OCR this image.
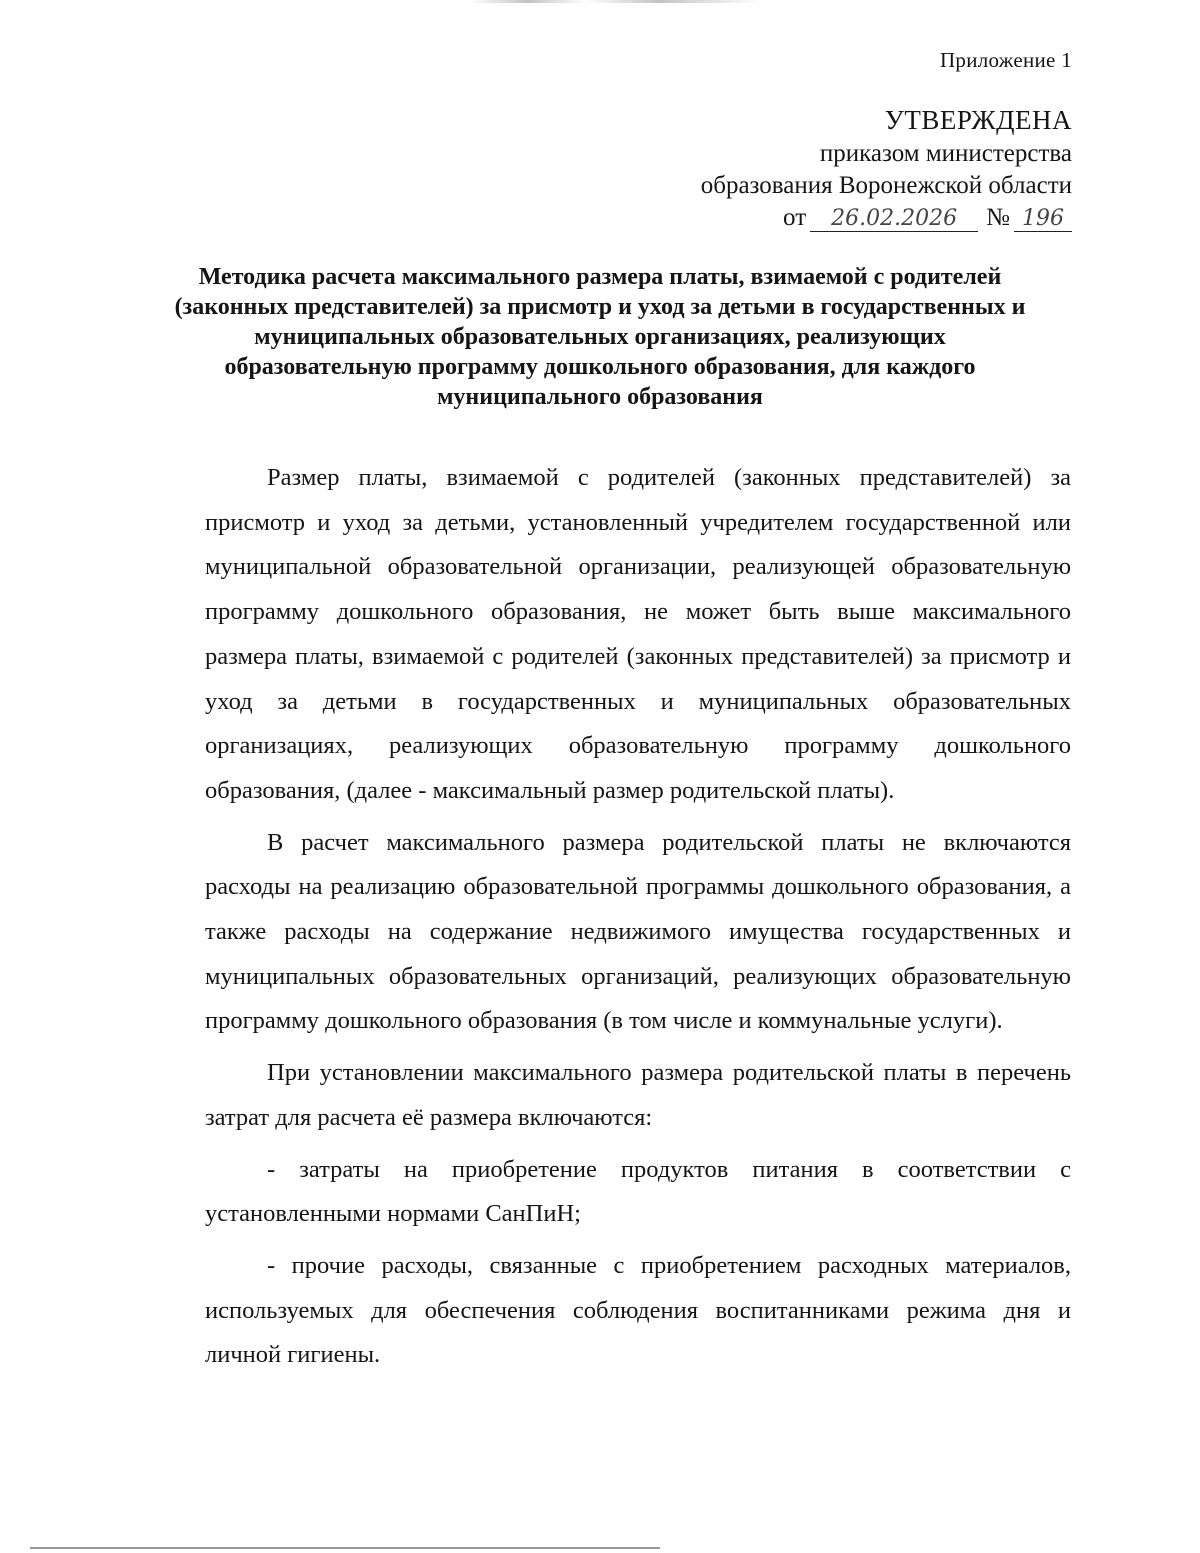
Приложение 1
УТВЕРЖДЕНА
приказом министерства
образования Воронежской области
от	26.02.2026	№ 196
Методика расчета максимального размера платы, взимаемой с родителей (законных представителей) за присмотр и уход за детьми в государственных и муниципальных образовательных организациях, реализующих образовательную программу дошкольного образования, для каждого муниципального образования

Размер платы, взимаемой с родителей (законных представителей) за присмотр и уход за детьми, установленный учредителем государственной или муниципальной образовательной организации, реализующей образовательную программу дошкольного образования, не может быть выше максимального размера платы, взимаемой с родителей (законных представителей) за присмотр и уход за детьми в государственных и муниципальных образовательных организациях, реализующих образовательную программу дошкольного образования, (далее - максимальный размер родительской платы).

В расчет максимального размера родительской платы не включаются расходы на реализацию образовательной программы дошкольного образования, а также расходы на содержание недвижимого имущества государственных и муниципальных образовательных организаций, реализующих образовательную программу дошкольного образования (в том числе и коммунальные услуги).

При установлении максимального размера родительской платы в перечень затрат для расчета её размера включаются:

- затраты на приобретение продуктов питания в соответствии с установленными нормами СанПиН;

- прочие расходы, связанные с приобретением расходных материалов, используемых для обеспечения соблюдения воспитанниками режима дня и личной гигиены.
